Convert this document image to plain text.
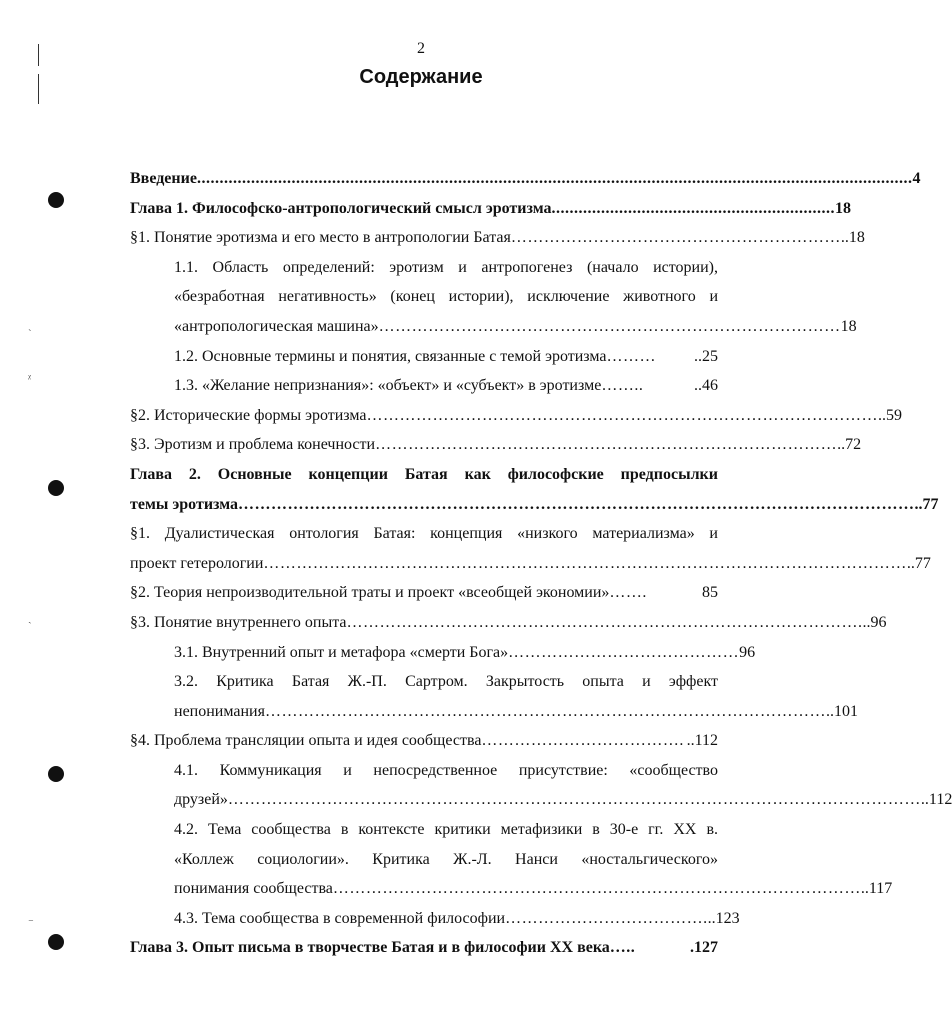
2
Содержание
ˋ
ᵡ
ˎ
⁻
Введение ............................................................................................................................................................... 4
Глава 1. Философско-антропологический смысл эротизма ............................................................... 18
§1. Понятие эротизма и его место в антропологии Батая …………………………………………………… ..18
1.1. Область определений: эротизм и антропогенез (начало истории),
«безработная негативность» (конец истории), исключение животного и
«антропологическая машина» ………………………………………………………………………… 18
1.2. Основные термины и понятия, связанные с темой эротизма ………	..25
1.3. «Желание непризнания»: «объект» и «субъект» в эротизме ……..	..46
§2. Исторические формы эротизма ………………………………………………………………………………… ..59
§3. Эротизм и проблема конечности ………………………………………………………………………… ..72
Глава 2. Основные концепции Батая как философские предпосылки
темы эротизма …………………………………………………………………………………………………………… ..77
§1. Дуалистическая онтология Батая: концепция «низкого материализма» и
проект гетерологии ……………………………………………………………………………………………………… ..77
§2. Теория непроизводительной траты и проект «всеобщей экономии» …….	85
§3. Понятие внутреннего опыта …………………………………………………………………………………. ..96
3.1. Внутренний опыт и метафора «смерти Бога» …………………………………… 96
3.2. Критика Батая Ж.-П. Сартром. Закрытость опыта и эффект
непонимания ………………………………………………………………………………………… ..101
§4. Проблема трансляции опыта и идея сообщества ………………………………. ..112
4.1. Коммуникация и непосредственное присутствие: «сообщество
друзей» ……………………………………………………………………………………………………………… ..112
4.2. Тема сообщества в контексте критики метафизики в 30-е гг. XX в.
«Коллеж социологии». Критика Ж.-Л. Нанси «ностальгического»
понимания сообщества …………………………………………………………………………………… ..117
4.3. Тема сообщества в современной философии ………………………………. ..123
Глава 3. Опыт письма в творчестве Батая и в философии XX века …..	.127
